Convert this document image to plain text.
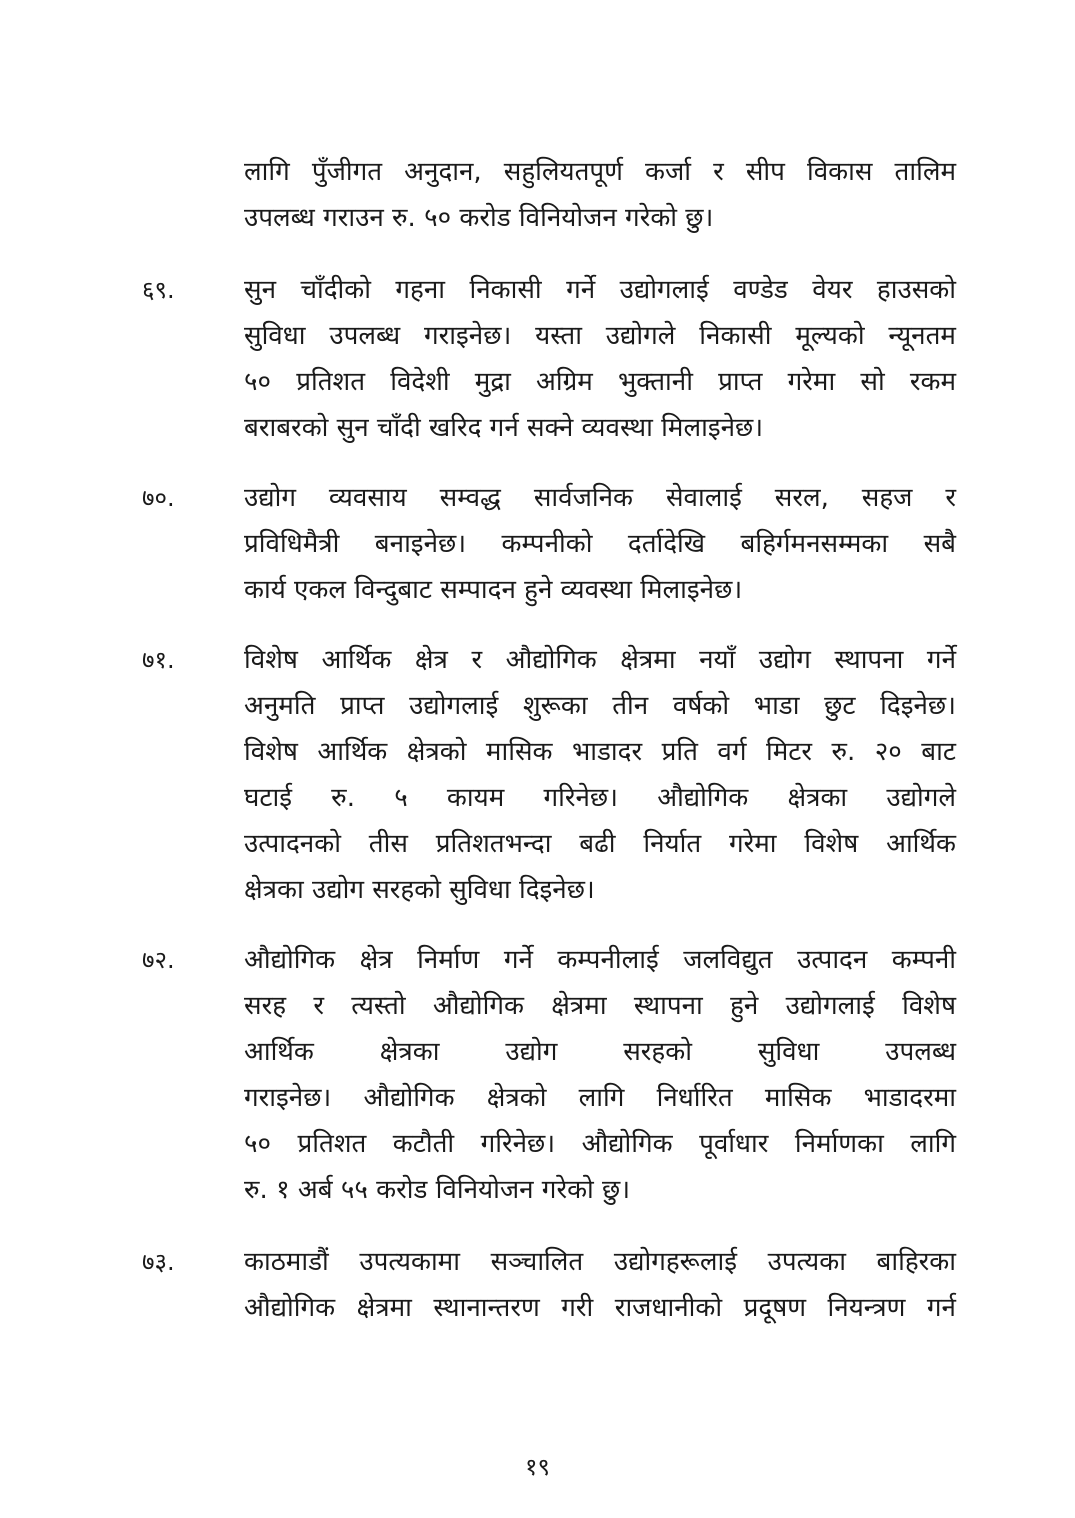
लागि पुँजीगत अनुदान, सहुलियतपूर्ण कर्जा र सीप विकास तालिम
उपलब्ध गराउन रु. ५० करोड विनियोजन गरेको छु।
६९.	सुन चाँदीको गहना निकासी गर्ने उद्योगलाई वण्डेड वेयर हाउसको
सुविधा उपलब्ध गराइनेछ। यस्ता उद्योगले निकासी मूल्यको न्यूनतम
५० प्रतिशत विदेशी मुद्रा अग्रिम भुक्तानी प्राप्त गरेमा सो रकम
बराबरको सुन चाँदी खरिद गर्न सक्ने व्यवस्था मिलाइनेछ।
७०.	उद्योग व्यवसाय सम्वद्ध सार्वजनिक सेवालाई सरल, सहज र
प्रविधिमैत्री बनाइनेछ। कम्पनीको दर्तादेखि बहिर्गमनसम्मका सबै
कार्य एकल विन्दुबाट सम्पादन हुने व्यवस्था मिलाइनेछ।
७१.	विशेष आर्थिक क्षेत्र र औद्योगिक क्षेत्रमा नयाँ उद्योग स्थापना गर्ने
अनुमति प्राप्त उद्योगलाई शुरूका तीन वर्षको भाडा छुट दिइनेछ।
विशेष आर्थिक क्षेत्रको मासिक भाडादर प्रति वर्ग मिटर रु. २० बाट
घटाई रु. ५ कायम गरिनेछ। औद्योगिक क्षेत्रका उद्योगले
उत्पादनको तीस प्रतिशतभन्दा बढी निर्यात गरेमा विशेष आर्थिक
क्षेत्रका उद्योग सरहको सुविधा दिइनेछ।
७२.	औद्योगिक क्षेत्र निर्माण गर्ने कम्पनीलाई जलविद्युत उत्पादन कम्पनी
सरह र त्यस्तो औद्योगिक क्षेत्रमा स्थापना हुने उद्योगलाई विशेष
आर्थिक क्षेत्रका उद्योग सरहको सुविधा उपलब्ध
गराइनेछ। औद्योगिक क्षेत्रको लागि निर्धारित मासिक भाडादरमा
५० प्रतिशत कटौती गरिनेछ। औद्योगिक पूर्वाधार निर्माणका लागि
रु. १ अर्ब ५५ करोड विनियोजन गरेको छु।
७३.	काठमाडौं उपत्यकामा सञ्चालित उद्योगहरूलाई उपत्यका बाहिरका
औद्योगिक क्षेत्रमा स्थानान्तरण गरी राजधानीको प्रदूषण नियन्त्रण गर्न
१९
